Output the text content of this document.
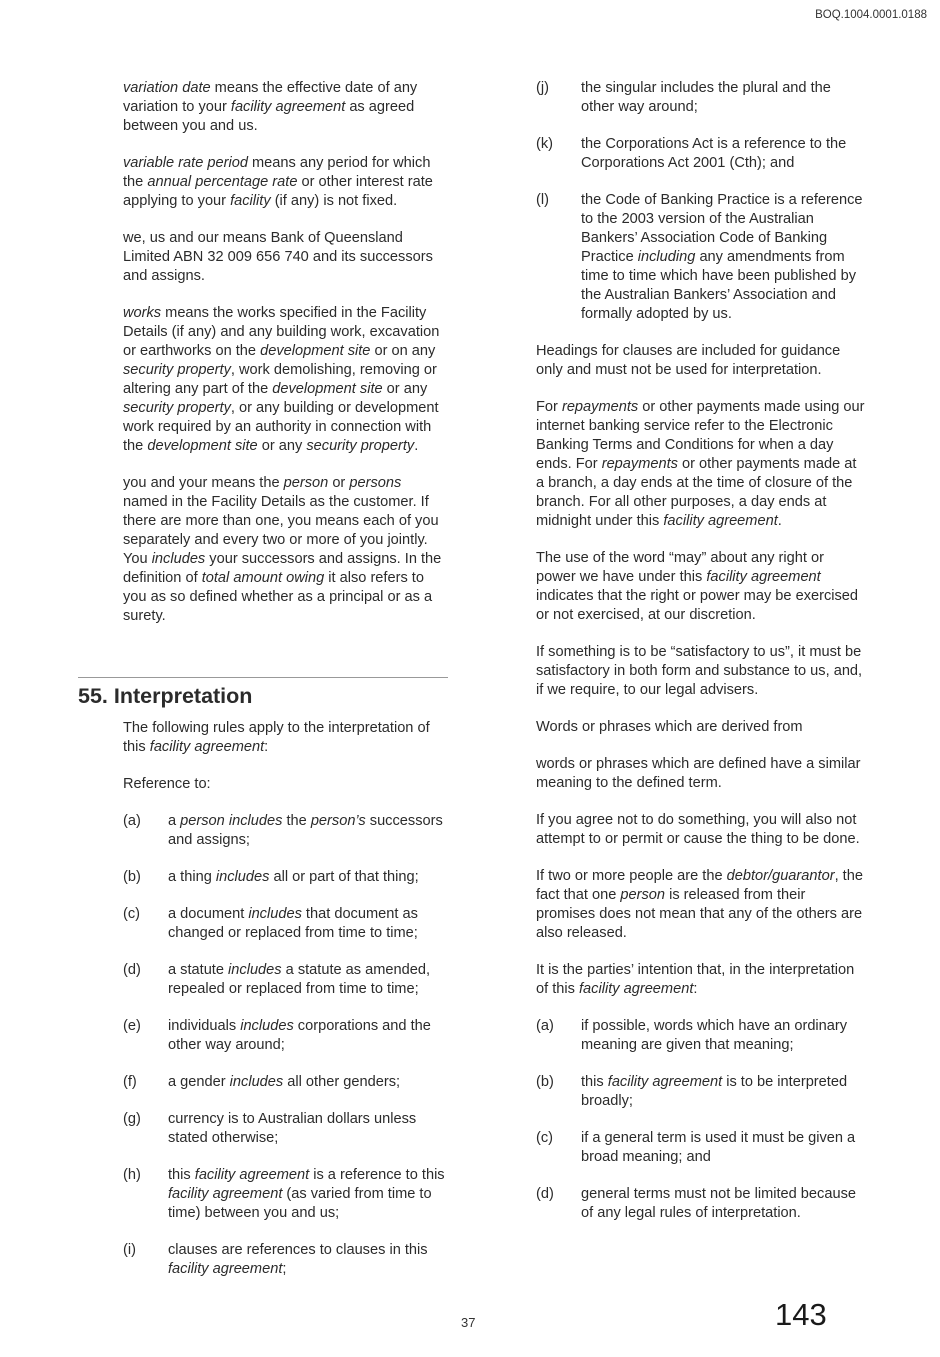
BOQ.1004.0001.0188

variation date means the effective date of any variation to your facility agreement as agreed between you and us.

variable rate period means any period for which the annual percentage rate or other interest rate applying to your facility (if any) is not fixed.

we, us and our means Bank of Queensland Limited ABN 32 009 656 740 and its successors and assigns.

works means the works specified in the Facility Details (if any) and any building work, excavation or earthworks on the development site or on any security property, work demolishing, removing or altering any part of the development site or any security property, or any building or development work required by an authority in connection with the development site or any security property.

you and your means the person or persons named in the Facility Details as the customer. If there are more than one, you means each of you separately and every two or more of you jointly. You includes your successors and assigns. In the definition of total amount owing it also refers to you as so defined whether as a principal or as a surety.

55. Interpretation

The following rules apply to the interpretation of this facility agreement:

Reference to:

(a)	a person includes the person’s successors and assigns;
(b)	a thing includes all or part of that thing;
(c)	a document includes that document as changed or replaced from time to time;
(d)	a statute includes a statute as amended, repealed or replaced from time to time;
(e)	individuals includes corporations and the other way around;
(f)	a gender includes all other genders;
(g)	currency is to Australian dollars unless stated otherwise;
(h)	this facility agreement is a reference to this facility agreement (as varied from time to time) between you and us;
(i)	clauses are references to clauses in this facility agreement;
(j)	the singular includes the plural and the other way around;
(k)	the Corporations Act is a reference to the Corporations Act 2001 (Cth); and
(l)	the Code of Banking Practice is a reference to the 2003 version of the Australian Bankers’ Association Code of Banking Practice including any amendments from time to time which have been published by the Australian Bankers’ Association and formally adopted by us.

Headings for clauses are included for guidance only and must not be used for interpretation.

For repayments or other payments made using our internet banking service refer to the Electronic Banking Terms and Conditions for when a day ends. For repayments or other payments made at a branch, a day ends at the time of closure of the branch. For all other purposes, a day ends at midnight under this facility agreement.

The use of the word “may” about any right or power we have under this facility agreement indicates that the right or power may be exercised or not exercised, at our discretion.

If something is to be “satisfactory to us”, it must be satisfactory in both form and substance to us, and, if we require, to our legal advisers.

Words or phrases which are derived from

words or phrases which are defined have a similar meaning to the defined term.

If you agree not to do something, you will also not attempt to or permit or cause the thing to be done.

If two or more people are the debtor/guarantor, the fact that one person is released from their promises does not mean that any of the others are also released.

It is the parties’ intention that, in the interpretation of this facility agreement:

(a)	if possible, words which have an ordinary meaning are given that meaning;
(b)	this facility agreement is to be interpreted broadly;
(c)	if a general term is used it must be given a broad meaning; and
(d)	general terms must not be limited because of any legal rules of interpretation.
37	143
